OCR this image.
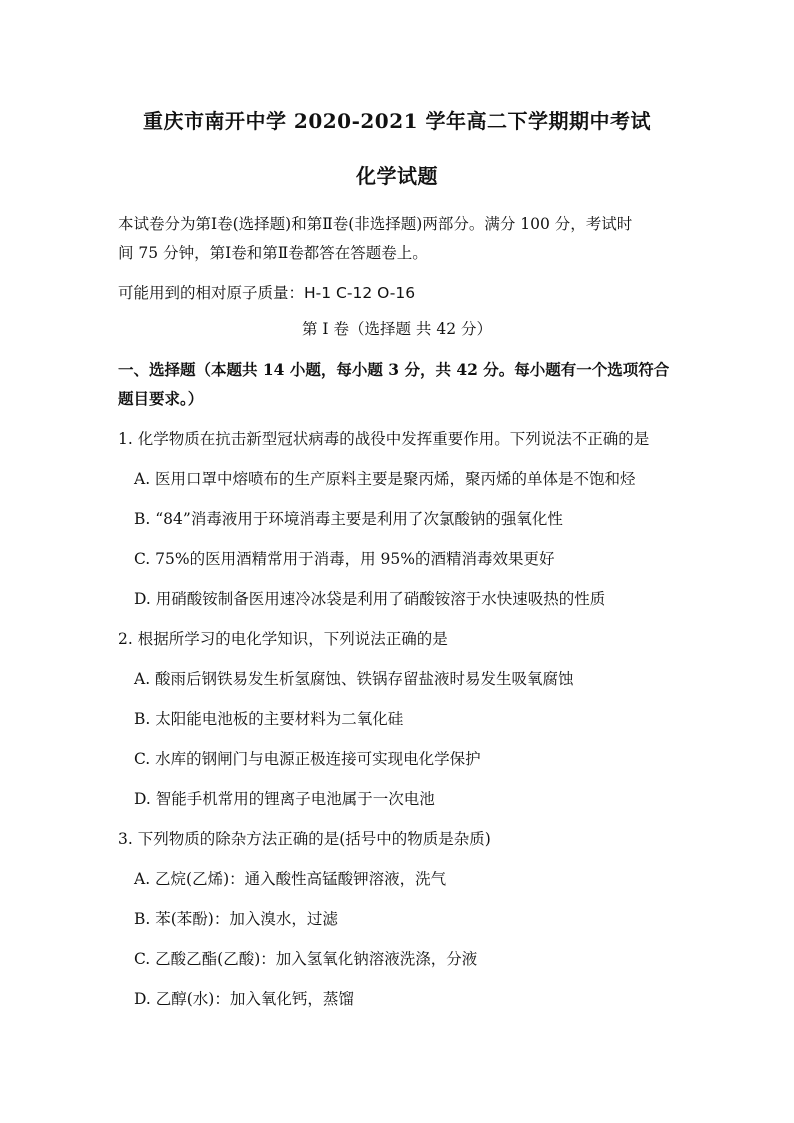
重庆市南开中学 2020-2021 学年高二下学期期中考试
化学试题
本试卷分为第Ⅰ卷(选择题)和第Ⅱ卷(非选择题)两部分。满分 100 分，考试时
间 75 分钟，第Ⅰ卷和第Ⅱ卷都答在答题卷上。
可能用到的相对原子质量：H-1 C-12 O-16
第 I 卷（选择题 共 42 分）
一、选择题（本题共 14 小题，每小题 3 分，共 42 分。每小题有一个选项符合
题目要求。）
1. 化学物质在抗击新型冠状病毒的战役中发挥重要作用。下列说法不正确的是
A. 医用口罩中熔喷布的生产原料主要是聚丙烯，聚丙烯的单体是不饱和烃
B. “84”消毒液用于环境消毒主要是利用了次氯酸钠的强氧化性
C. 75%的医用酒精常用于消毒，用 95%的酒精消毒效果更好
D. 用硝酸铵制备医用速冷冰袋是利用了硝酸铵溶于水快速吸热的性质
2. 根据所学习的电化学知识，下列说法正确的是
A. 酸雨后钢铁易发生析氢腐蚀、铁锅存留盐液时易发生吸氧腐蚀
B. 太阳能电池板的主要材料为二氧化硅
C. 水库的钢闸门与电源正极连接可实现电化学保护
D. 智能手机常用的锂离子电池属于一次电池
3. 下列物质的除杂方法正确的是(括号中的物质是杂质)
A. 乙烷(乙烯)：通入酸性高锰酸钾溶液，洗气
B. 苯(苯酚)：加入溴水，过滤
C. 乙酸乙酯(乙酸)：加入氢氧化钠溶液洗涤，分液
D. 乙醇(水)：加入氧化钙，蒸馏
